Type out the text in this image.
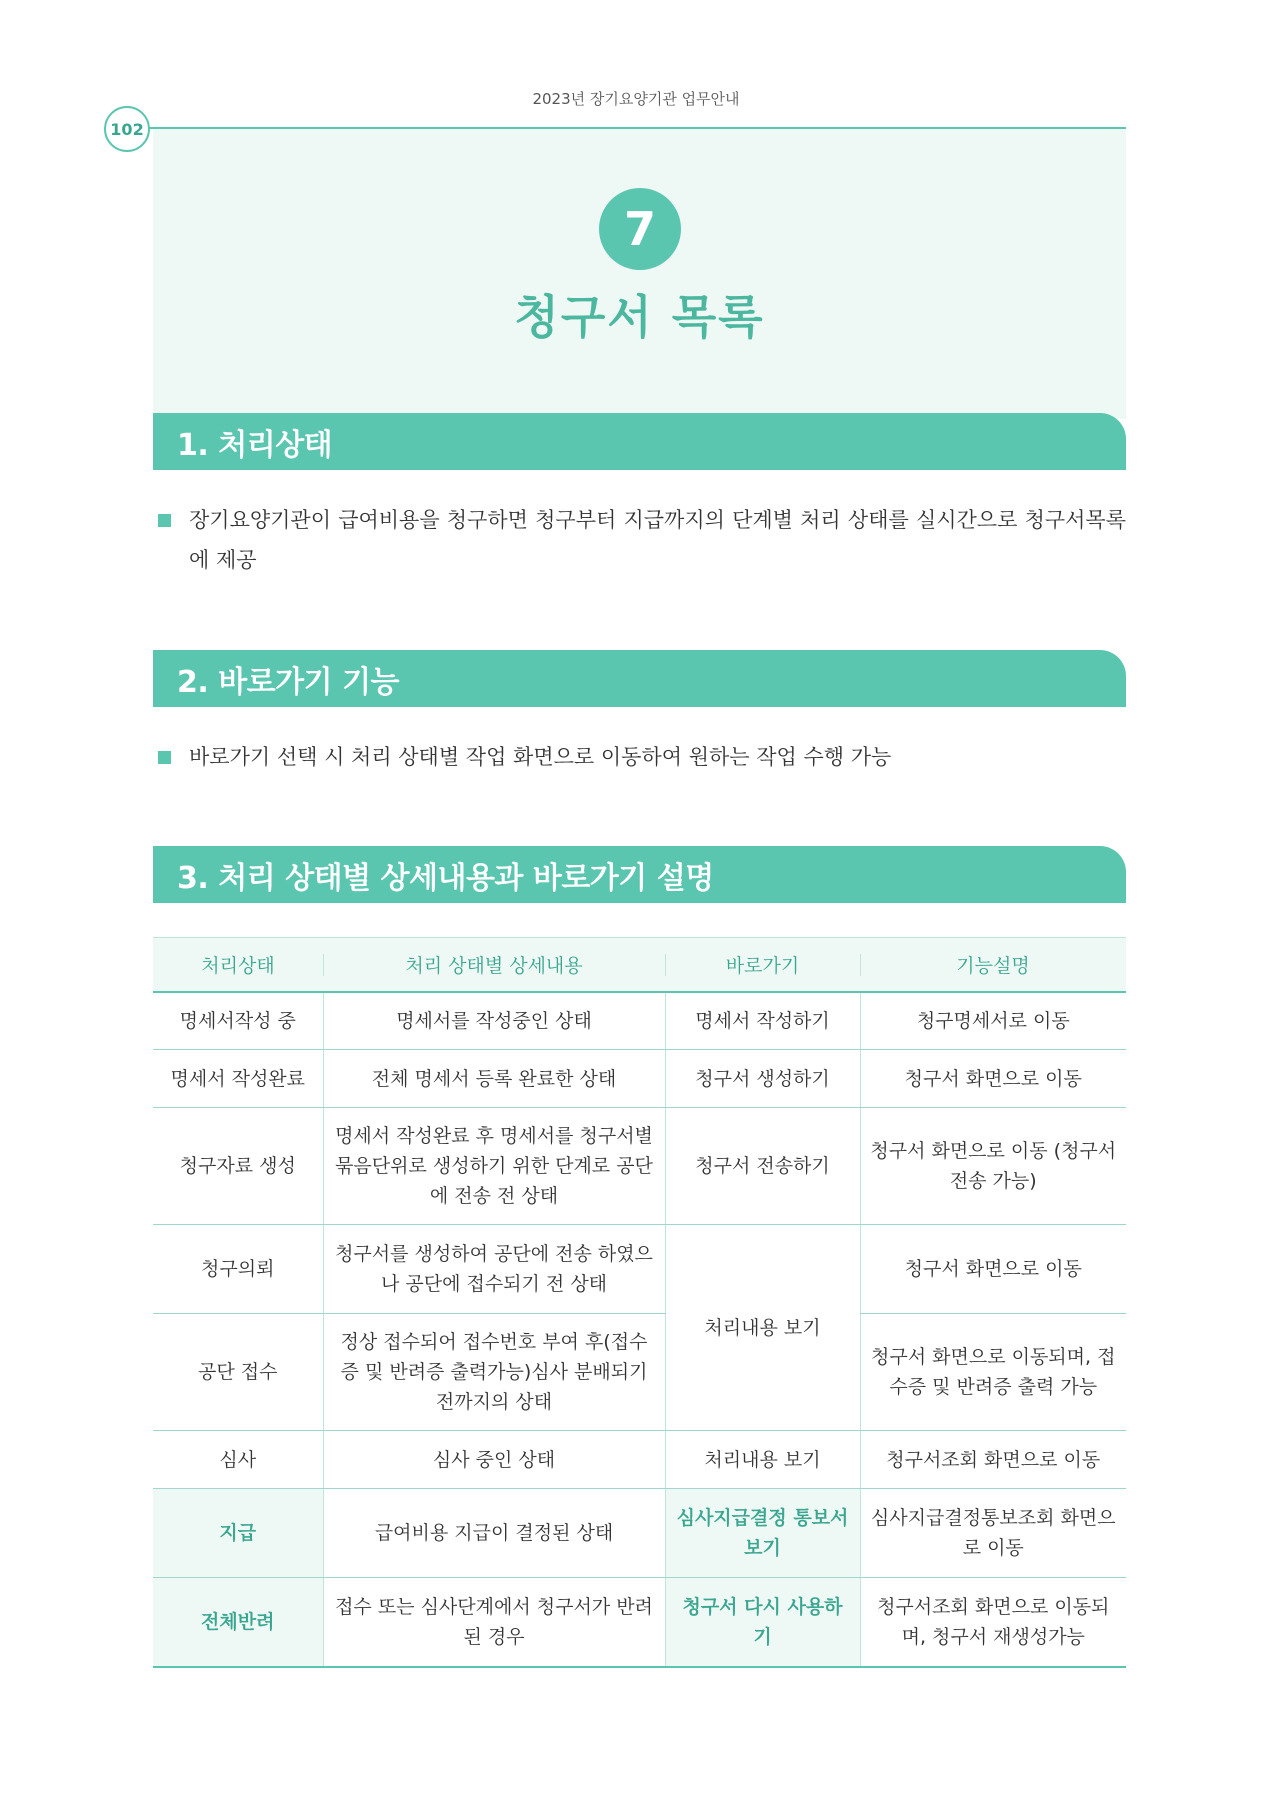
2023년 장기요양기관 업무안내
102
7
청구서 목록
1. 처리상태
장기요양기관이 급여비용을 청구하면 청구부터 지급까지의 단계별 처리 상태를 실시간으로 청구서목록에 제공
2. 바로가기 기능
바로가기 선택 시 처리 상태별 작업 화면으로 이동하여 원하는 작업 수행 가능
3. 처리 상태별 상세내용과 바로가기 설명
처리상태	처리 상태별 상세내용	바로가기	기능설명
명세서작성 중	명세서를 작성중인 상태	명세서 작성하기	청구명세서로 이동
명세서 작성완료	전체 명세서 등록 완료한 상태	청구서 생성하기	청구서 화면으로 이동
청구자료 생성	명세서 작성완료 후 명세서를 청구서별 묶음단위로 생성하기 위한 단계로 공단에 전송 전 상태	청구서 전송하기	청구서 화면으로 이동 (청구서전송 가능)
청구의뢰	청구서를 생성하여 공단에 전송 하였으나 공단에 접수되기 전 상태	처리내용 보기	청구서 화면으로 이동
공단 접수	정상 접수되어 접수번호 부여 후(접수증 및 반려증 출력가능)심사 분배되기 전까지의 상태		청구서 화면으로 이동되며, 접수증 및 반려증 출력 가능
심사	심사 중인 상태	처리내용 보기	청구서조회 화면으로 이동
지급	급여비용 지급이 결정된 상태	심사지급결정 통보서 보기	심사지급결정통보조회 화면으로 이동
전체반려	접수 또는 심사단계에서 청구서가 반려된 경우	청구서 다시 사용하기	청구서조회 화면으로 이동되며, 청구서 재생성가능
